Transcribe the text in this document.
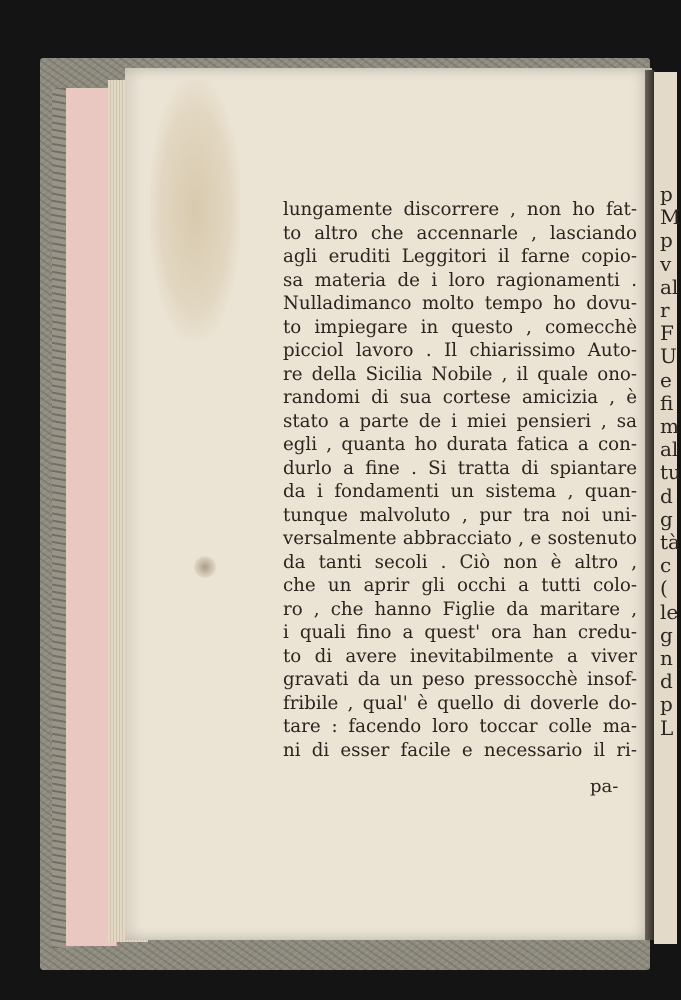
p
M
p
v
al
r
F
U
e
fi
m
al
tu
d
g
tà
c
(
le
g
n
d
p
L
lungamente discorrere , non ho fat-
to altro che accennarle , lasciando
agli eruditi Leggitori il farne copio-
sa materia de i loro ragionamenti .
Nulladimanco molto tempo ho dovu-
to impiegare in questo , comecchè
picciol lavoro . Il chiarissimo Auto-
re della Sicilia Nobile , il quale ono-
randomi di sua cortese amicizia , è
stato a parte de i miei pensieri , sa
egli , quanta ho durata fatica a con-
durlo a fine . Si tratta di spiantare
da i fondamenti un sistema , quan-
tunque malvoluto , pur tra noi uni-
versalmente abbracciato , e sostenuto
da tanti secoli . Ciò non è altro ,
che un aprir gli occhi a tutti colo-
ro , che hanno Figlie da maritare ,
i quali fino a quest' ora han credu-
to di avere inevitabilmente a viver
gravati da un peso pressocchè insof-
fribile , qual' è quello di doverle do-
tare : facendo loro toccar colle ma-
ni di esser facile e necessario il ri-
pa-
